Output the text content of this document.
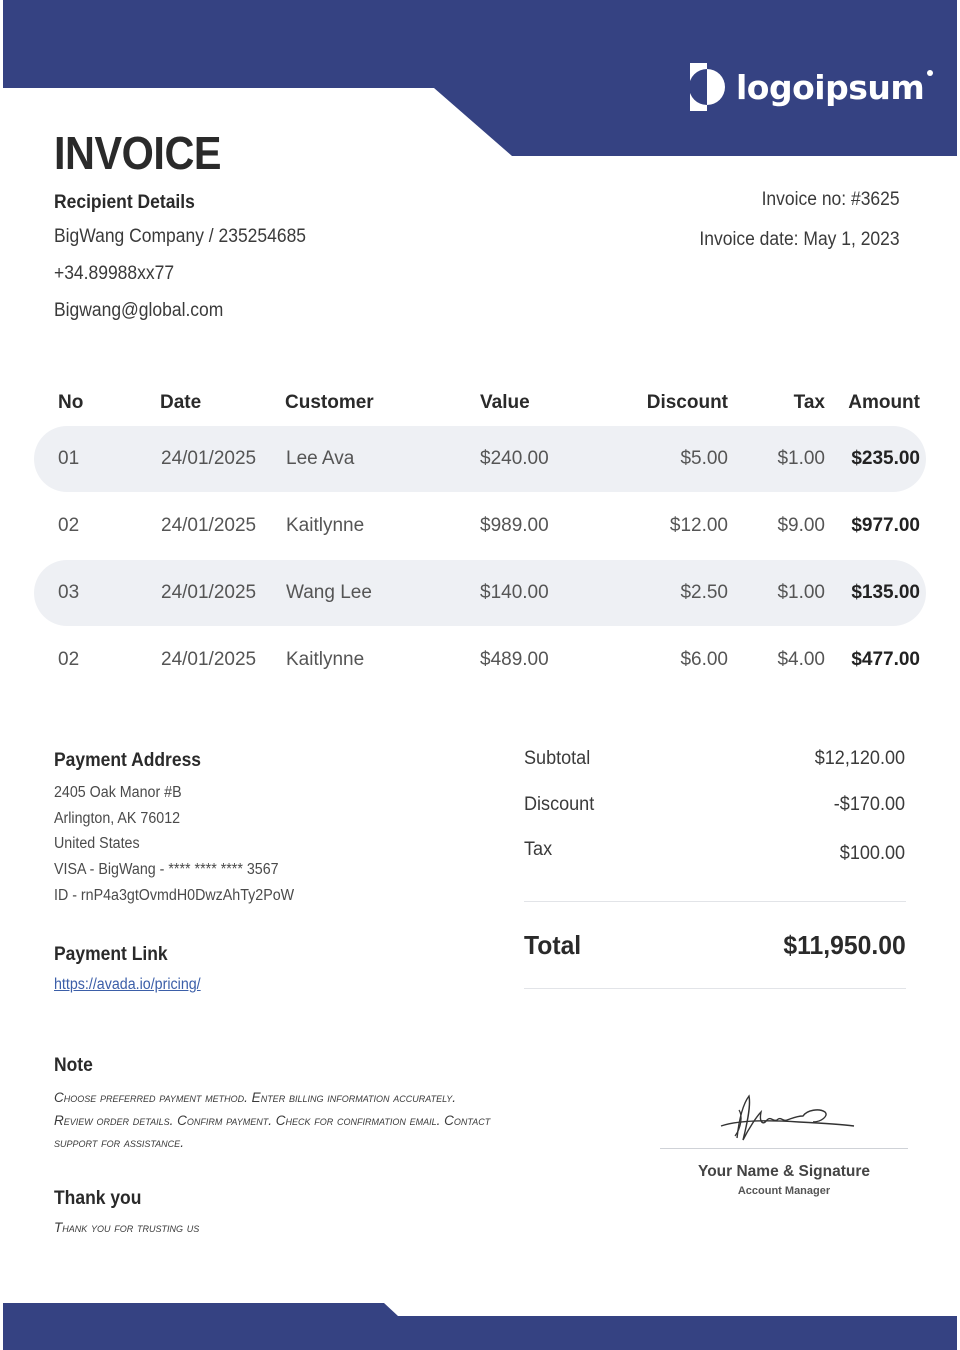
logoipsum
INVOICE
Recipient Details
BigWang Company / 235254685
+34.89988xx77
Bigwang@global.com
Invoice no: #3625
Invoice date: May 1, 2023
No	Date	Customer	Value	Discount	Tax	Amount
01	24/01/2025	Lee Ava	$240.00	$5.00	$1.00	$235.00
02	24/01/2025	Kaitlynne	$989.00	$12.00	$9.00	$977.00
03	24/01/2025	Wang Lee	$140.00	$2.50	$1.00	$135.00
02	24/01/2025	Kaitlynne	$489.00	$6.00	$4.00	$477.00
Payment Address
2405 Oak Manor #B
Arlington, AK 76012
United States
VISA - BigWang - **** **** **** 3567
ID - rnP4a3gtOvmdH0DwzAhTy2PoW
Payment Link
https://avada.io/pricing/
Subtotal	$12,120.00
Discount	-$170.00
Tax	$100.00
Total	$11,950.00
Note

Choose preferred payment method. Enter billing information accurately. Review order details. Confirm payment. Check for confirmation email. Contact support for assistance.

Thank you

Thank you for trusting us

Your Name & Signature
Account Manager
